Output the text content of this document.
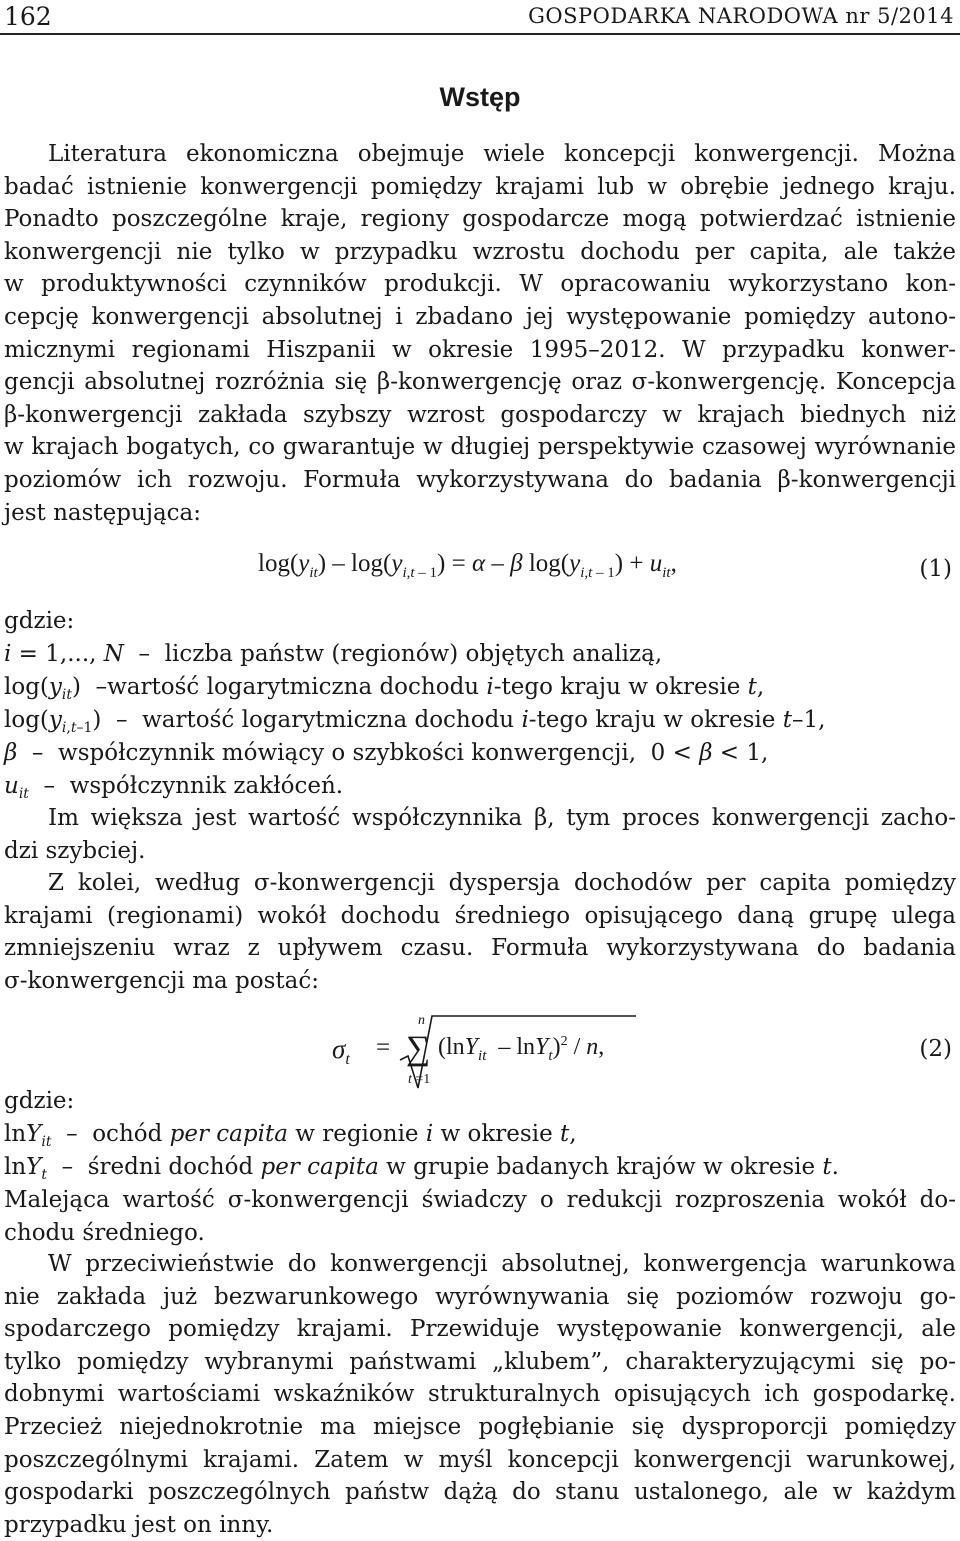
162	GOSPODARKA NARODOWA nr 5/2014
Wstęp
Literatura ekonomiczna obejmuje wiele koncepcji konwergencji. Można
badać istnienie konwergencji pomiędzy krajami lub w obrębie jednego kraju.
Ponadto poszczególne kraje, regiony gospodarcze mogą potwierdzać istnienie
konwergencji nie tylko w przypadku wzrostu dochodu per capita, ale także
w produktywności czynników produkcji. W opracowaniu wykorzystano kon-
cepcję konwergencji absolutnej i zbadano jej występowanie pomiędzy autono-
micznymi regionami Hiszpanii w okresie 1995–2012. W przypadku konwer-
gencji absolutnej rozróżnia się β-konwergencję oraz σ-konwergencję. Koncepcja
β-konwergencji zakłada szybszy wzrost gospodarczy w krajach biednych niż
w krajach bogatych, co gwarantuje w długiej perspektywie czasowej wyrównanie
poziomów ich rozwoju. Formuła wykorzystywana do badania β-konwergencji
jest następująca:
$\log(y_{it}) - \log(y_{i,t - 1}) = \alpha - \beta$ $\log(y_{i,t - 1}) + u_{it}$,	(1)
gdzie:
i = 1,..., N  –  liczba państw (regionów) objętych analizą,
$\log(y_{it})$  –wartość logarytmiczna dochodu i-tego kraju w okresie t,
$\log(y_{i,t-1})$  –  wartość logarytmiczna dochodu i-tego kraju w okresie t–1,
β  –  współczynnik mówiący o szybkości konwergencji,  0 < β < 1,
$u_{it}$  –  współczynnik zakłóceń.
Im większa jest wartość współczynnika β, tym proces konwergencji zacho-
dzi szybciej.
Z kolei, według σ-konwergencji dyspersja dochodów per capita pomiędzy
krajami (regionami) wokół dochodu średniego opisującego daną grupę ulega
zmniejszeniu wraz z upływem czasu. Formuła wykorzystywana do badania
σ-konwergencji ma postać:
$\sigma_t$ =
n
∑
t =1
(lnY$_{it}$  – lnY$_t$)$^2$ / n,	(2)
gdzie:
lnY$_{it}$  –  ochód per capita w regionie i w okresie t,
lnY$_t$  –  średni dochód per capita w grupie badanych krajów w okresie t.
Malejąca wartość σ-konwergencji świadczy o redukcji rozproszenia wokół do-
chodu średniego.
W przeciwieństwie do konwergencji absolutnej, konwergencja warunkowa
nie zakłada już bezwarunkowego wyrównywania się poziomów rozwoju go-
spodarczego pomiędzy krajami. Przewiduje występowanie konwergencji, ale
tylko pomiędzy wybranymi państwami „klubem”, charakteryzującymi się po-
dobnymi wartościami wskaźników strukturalnych opisujących ich gospodarkę.
Przecież niejednokrotnie ma miejsce pogłębianie się dysproporcji pomiędzy
poszczególnymi krajami. Zatem w myśl koncepcji konwergencji warunkowej,
gospodarki poszczególnych państw dążą do stanu ustalonego, ale w każdym
przypadku jest on inny.
